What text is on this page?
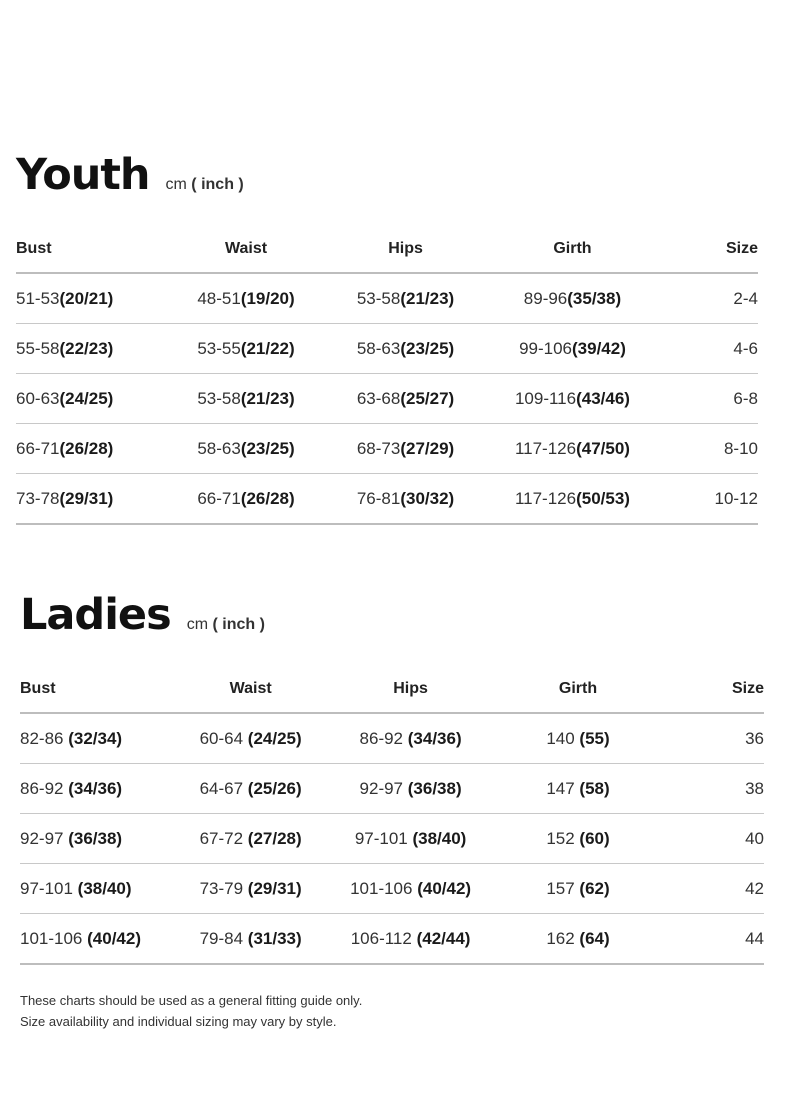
Youth cm ( inch )
Bust	Waist	Hips	Girth	Size
51-53(20/21)	48-51(19/20)	53-58(21/23)	89-96(35/38)	2-4
55-58(22/23)	53-55(21/22)	58-63(23/25)	99-106(39/42)	4-6
60-63(24/25)	53-58(21/23)	63-68(25/27)	109-116(43/46)	6-8
66-71(26/28)	58-63(23/25)	68-73(27/29)	117-126(47/50)	8-10
73-78(29/31)	66-71(26/28)	76-81(30/32)	117-126(50/53)	10-12
Ladies cm ( inch )
Bust	Waist	Hips	Girth	Size
82-86 (32/34)	60-64 (24/25)	86-92 (34/36)	140 (55)	36
86-92 (34/36)	64-67 (25/26)	92-97 (36/38)	147 (58)	38
92-97 (36/38)	67-72 (27/28)	97-101 (38/40)	152 (60)	40
97-101 (38/40)	73-79 (29/31)	101-106 (40/42)	157 (62)	42
101-106 (40/42)	79-84 (31/33)	106-112 (42/44)	162 (64)	44
These charts should be used as a general fitting guide only.
Size availability and individual sizing may vary by style.
